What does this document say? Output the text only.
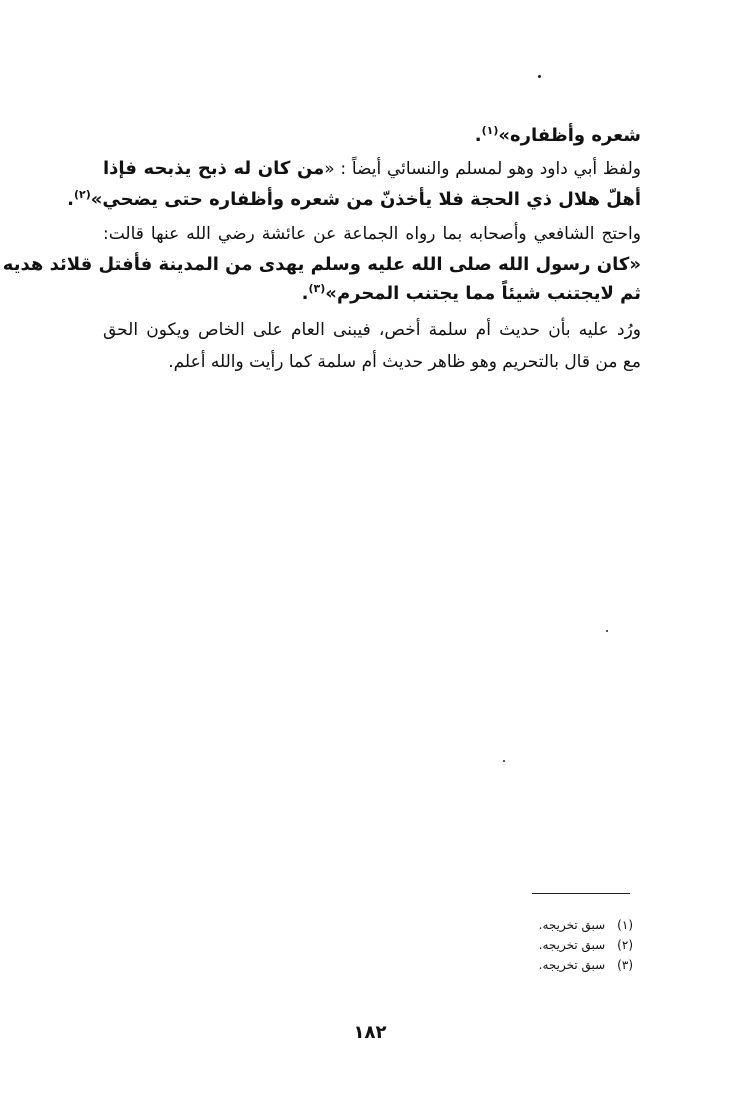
شعره وأظفاره»$^{(١)}$.
ولفظ أبي داود وهو لمسلم والنسائي أيضاً : «من كان له ذبح يذبحه فإذا
أهلّ هلال ذي الحجة فلا يأخذنّ من شعره وأظفاره حتى يضحي»$^{(٢)}$.
واحتج الشافعي وأصحابه بما رواه الجماعة عن عائشة رضي الله عنها قالت:
«كان رسول الله صلى الله عليه وسلم يهدى من المدينة فأفتل قلائد هديه
ثم لايجتنب شيئاً مما يجتنب المحرم»$^{(٣)}$.
ورُد عليه بأن حديث أم سلمة أخص، فيبنى العام على الخاص ويكون الحق
مع من قال بالتحريم وهو ظاهر حديث أم سلمة كما رأيت والله أعلم.
(١) سبق تخريجه.
(٢) سبق تخريجه.
(٣) سبق تخريجه.
١٨٢
